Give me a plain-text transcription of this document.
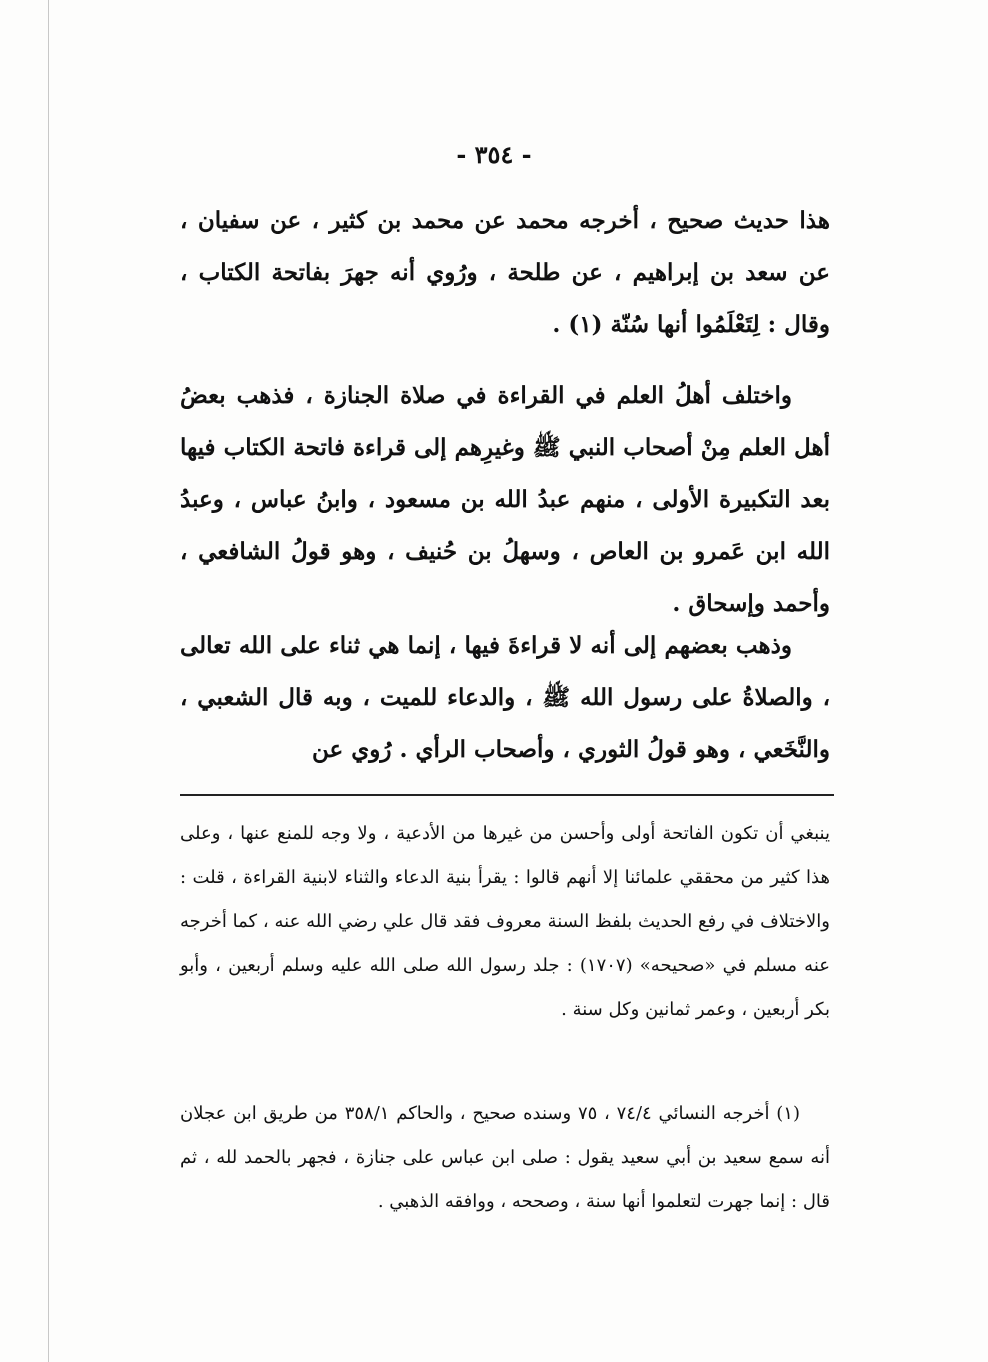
- ٣٥٤ -
هذا حديث صحيح ، أخرجه محمد عن محمد بن كثير ، عن سفيان ، عن سعد بن إبراهيم ، عن طلحة ، ورُوي أنه جهرَ بفاتحة الكتاب ، وقال : لِتَعْلَمُوا أنها سُنّة (١) .
واختلف أهلُ العلم في القراءة في صلاة الجنازة ، فذهب بعضُ أهل العلم مِنْ أصحاب النبي ﷺ وغيرِهم إلى قراءة فاتحة الكتاب فيها بعد التكبيرة الأولى ، منهم عبدُ الله بن مسعود ، وابنُ عباس ، وعبدُ الله ابن عَمرو بن العاص ، وسهلُ بن حُنيف ، وهو قولُ الشافعي ، وأحمد وإسحاق .
وذهب بعضهم إلى أنه لا قراءةَ فيها ، إنما هي ثناء على الله تعالى ، والصلاةُ على رسول الله ﷺ ، والدعاء للميت ، وبه قال الشعبي ، والنَّخَعي ، وهو قولُ الثوري ، وأصحاب الرأي . رُوي عن
ينبغي أن تكون الفاتحة أولى وأحسن من غيرها من الأدعية ، ولا وجه للمنع عنها ، وعلى هذا كثير من محققي علمائنا إلا أنهم قالوا : يقرأ بنية الدعاء والثناء لابنية القراءة ، قلت : والاختلاف في رفع الحديث بلفظ السنة معروف فقد قال علي رضي الله عنه ، كما أخرجه عنه مسلم في «صحيحه» (١٧٠٧) : جلد رسول الله صلى الله عليه وسلم أربعين ، وأبو بكر أربعين ، وعمر ثمانين وكل سنة .
(١) أخرجه النسائي ٧٤/٤ ، ٧٥ وسنده صحيح ، والحاكم ٣٥٨/١ من طريق ابن عجلان أنه سمع سعيد بن أبي سعيد يقول : صلى ابن عباس على جنازة ، فجهر بالحمد لله ، ثم قال : إنما جهرت لتعلموا أنها سنة ، وصححه ، ووافقه الذهبي .
